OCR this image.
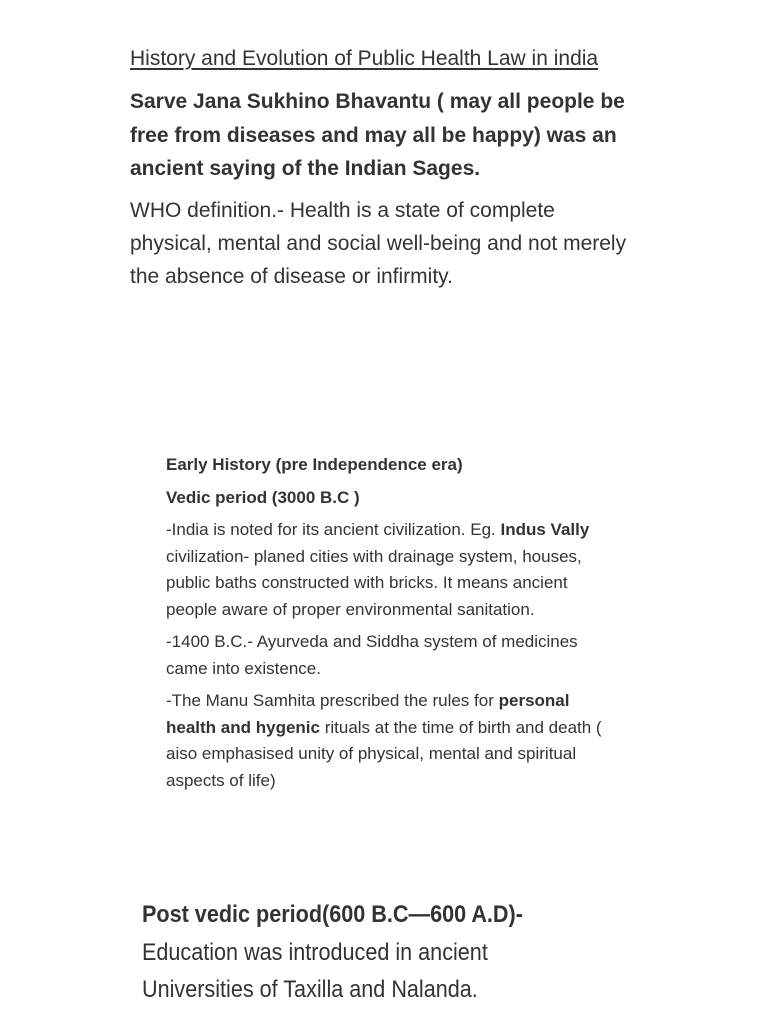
History and Evolution of Public Health Law in india
Sarve Jana Sukhino Bhavantu ( may all people be free from diseases and may all be happy) was an ancient saying of the Indian Sages.
WHO definition.- Health is a state of complete physical, mental and social well-being and not merely the absence of disease or infirmity.

Early History (pre Independence era)

Vedic period (3000 B.C )

-India is noted for its ancient civilization. Eg. Indus Vally  civilization- planed cities with drainage system, houses, public baths constructed with bricks. It means ancient people aware of proper environmental sanitation.

-1400 B.C.- Ayurveda and Siddha system of medicines came into existence.

-The Manu Samhita prescribed the rules for personal health and hygenic rituals at the time of birth and death ( aiso emphasised unity of physical, mental and spiritual aspects of life)

Post vedic period(600 B.C—600 A.D)-

Education was introduced in ancient Universities of Taxilla and Nalanda.
